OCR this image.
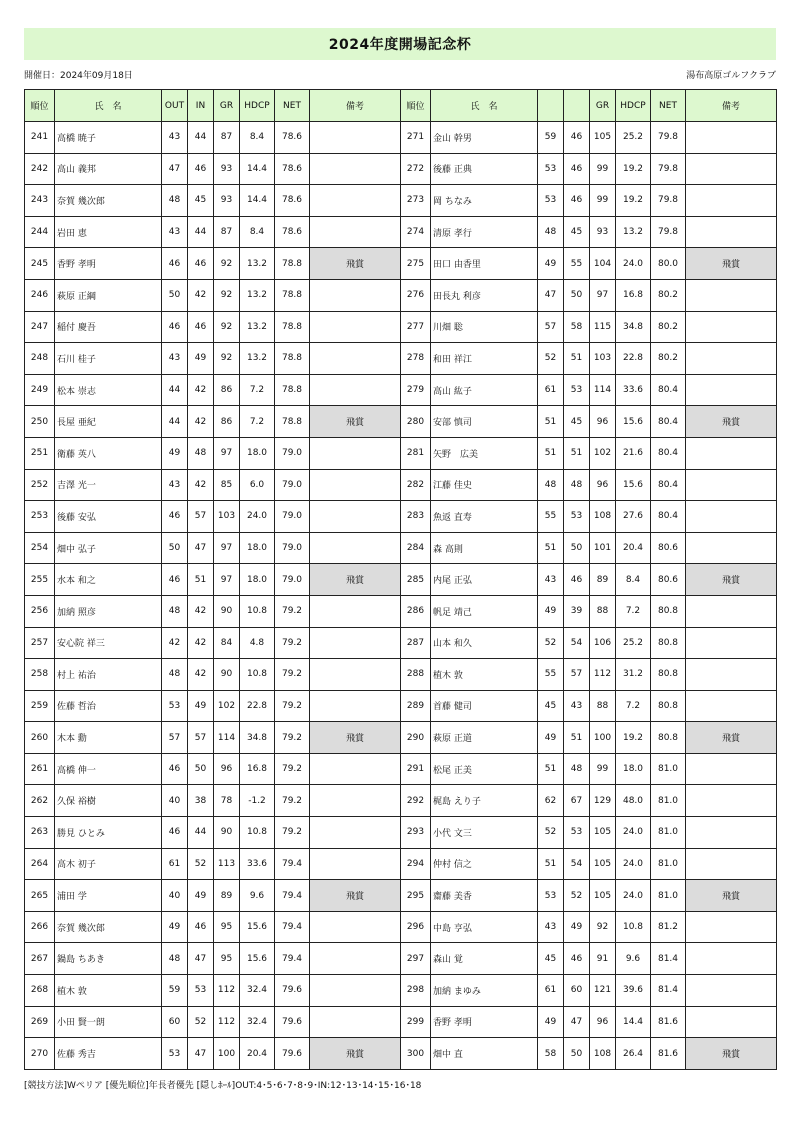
2024年度開場記念杯
開催日：2024年09月18日	湯布高原ゴルフクラブ
順位	氏　名	OUT	IN	GR	HDCP	NET	備考
241	高橋 暁子	43	44	87	8.4	78.6	
242	高山 義邦	47	46	93	14.4	78.6	
243	奈賀 幾次郎	48	45	93	14.4	78.6	
244	岩田 恵	43	44	87	8.4	78.6	
245	香野 孝明	46	46	92	13.2	78.8	飛賞
246	萩原 正綱	50	42	92	13.2	78.8	
247	稲付 慶吾	46	46	92	13.2	78.8	
248	石川 桂子	43	49	92	13.2	78.8	
249	松本 崇志	44	42	86	7.2	78.8	
250	長屋 亜紀	44	42	86	7.2	78.8	飛賞
251	衛藤 英八	49	48	97	18.0	79.0	
252	吉澤 光一	43	42	85	6.0	79.0	
253	後藤 安弘	46	57	103	24.0	79.0	
254	畑中 弘子	50	47	97	18.0	79.0	
255	水本 和之	46	51	97	18.0	79.0	飛賞
256	加納 照彦	48	42	90	10.8	79.2	
257	安心院 祥三	42	42	84	4.8	79.2	
258	村上 祐治	48	42	90	10.8	79.2	
259	佐藤 哲治	53	49	102	22.8	79.2	
260	木本 勳	57	57	114	34.8	79.2	飛賞
261	高橋 伸一	46	50	96	16.8	79.2	
262	久保 裕樹	40	38	78	-1.2	79.2	
263	勝見 ひとみ	46	44	90	10.8	79.2	
264	高木 初子	61	52	113	33.6	79.4	
265	浦田 学	40	49	89	9.6	79.4	飛賞
266	奈賀 幾次郎	49	46	95	15.6	79.4	
267	鍋島 ちあき	48	47	95	15.6	79.4	
268	植木 敦	59	53	112	32.4	79.6	
269	小田 賢一朗	60	52	112	32.4	79.6	
270	佐藤 秀吉	53	47	100	20.4	79.6	飛賞
順位	氏　名			GR	HDCP	NET	備考
271	金山 幹男	59	46	105	25.2	79.8	
272	後藤 正典	53	46	99	19.2	79.8	
273	岡 ちなみ	53	46	99	19.2	79.8	
274	清原 孝行	48	45	93	13.2	79.8	
275	田口 由香里	49	55	104	24.0	80.0	飛賞
276	田長丸 利彦	47	50	97	16.8	80.2	
277	川畑 聡	57	58	115	34.8	80.2	
278	和田 祥江	52	51	103	22.8	80.2	
279	高山 紘子	61	53	114	33.6	80.4	
280	安部 慎司	51	45	96	15.6	80.4	飛賞
281	矢野　広美	51	51	102	21.6	80.4	
282	江藤 佳史	48	48	96	15.6	80.4	
283	魚返 直寿	55	53	108	27.6	80.4	
284	森 高則	51	50	101	20.4	80.6	
285	内尾 正弘	43	46	89	8.4	80.6	飛賞
286	帆足 靖己	49	39	88	7.2	80.8	
287	山本 和久	52	54	106	25.2	80.8	
288	植木 敦	55	57	112	31.2	80.8	
289	首藤 健司	45	43	88	7.2	80.8	
290	萩原 正道	49	51	100	19.2	80.8	飛賞
291	松尾 正美	51	48	99	18.0	81.0	
292	梶島 えり子	62	67	129	48.0	81.0	
293	小代 文三	52	53	105	24.0	81.0	
294	仲村 信之	51	54	105	24.0	81.0	
295	齋藤 美香	53	52	105	24.0	81.0	飛賞
296	中島 亨弘	43	49	92	10.8	81.2	
297	森山 覚	45	46	91	9.6	81.4	
298	加納 まゆみ	61	60	121	39.6	81.4	
299	香野 孝明	49	47	96	14.4	81.6	
300	畑中 直	58	50	108	26.4	81.6	飛賞
[競技方法]Wペリア [優先順位]年長者優先 [隠しﾎｰﾙ]OUT:4･5･6･7･8･9･IN:12･13･14･15･16･18
